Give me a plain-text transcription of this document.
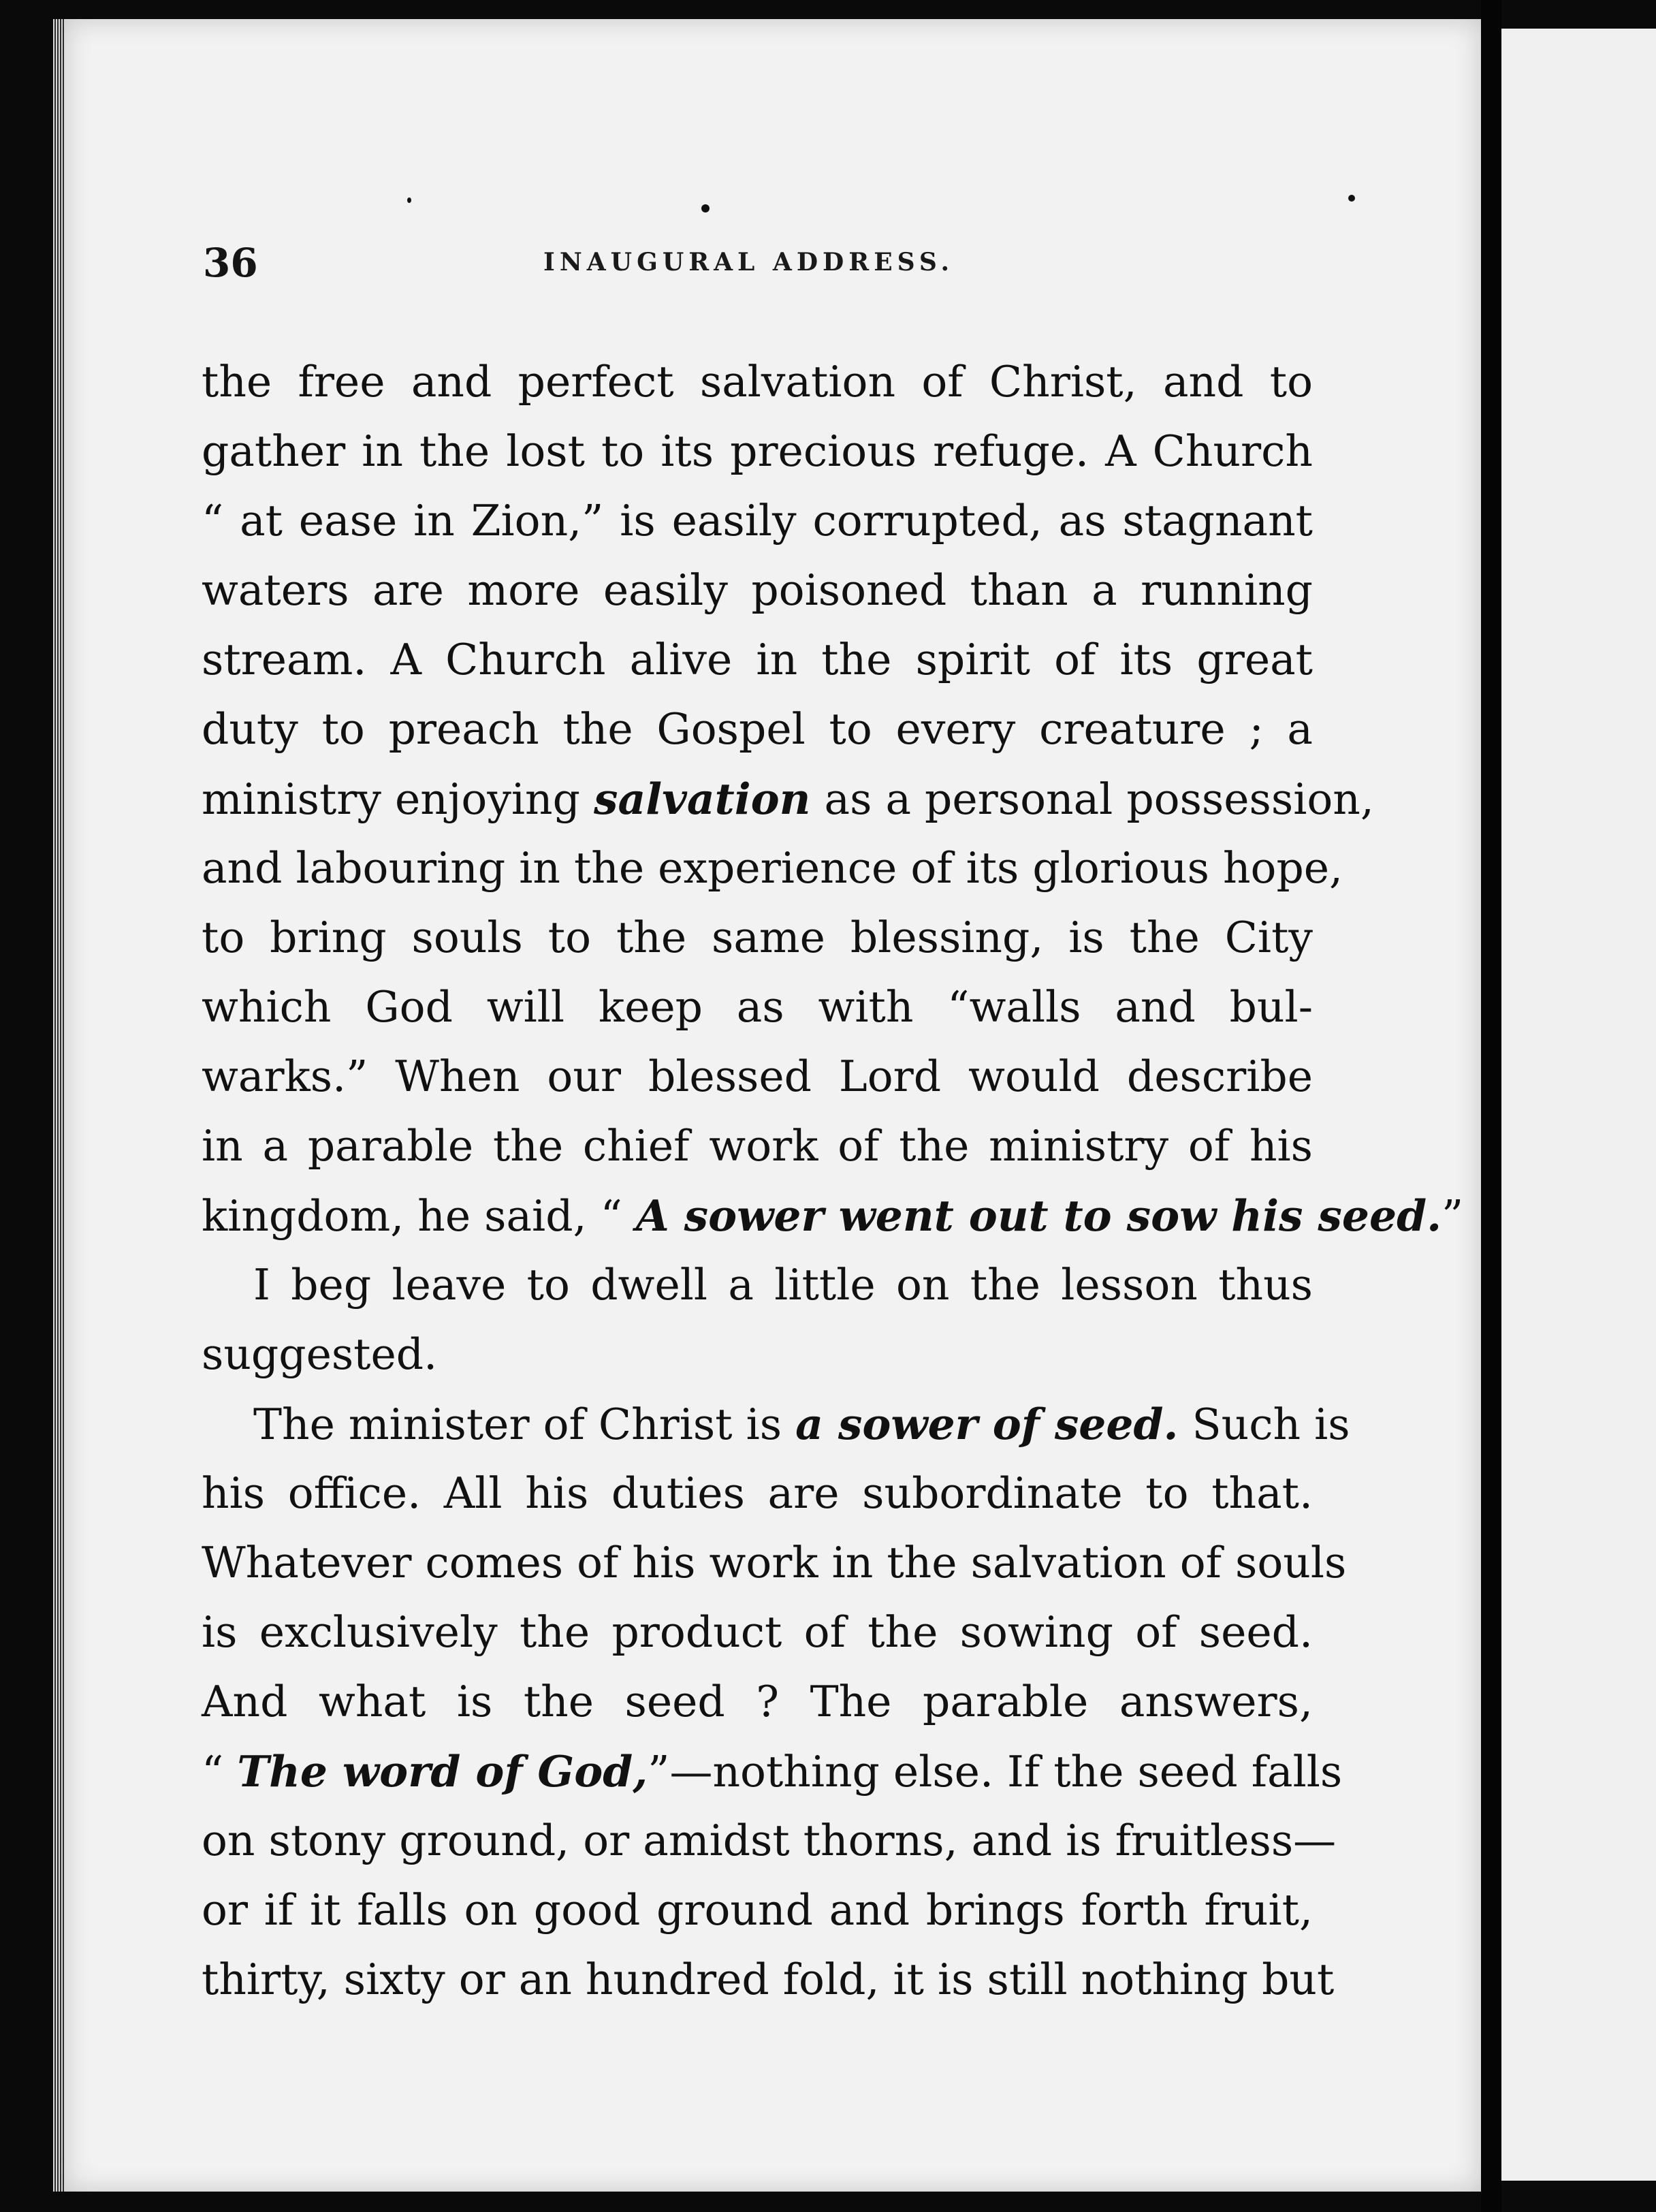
36	INAUGURAL ADDRESS.
the free and perfect salvation of Christ, and to
gather in the lost to its precious refuge. A Church
“ at ease in Zion,” is easily corrupted, as stagnant
waters are more easily poisoned than a running
stream. A Church alive in the spirit of its great
duty to preach the Gospel to every creature ; a
ministry enjoying salvation as a personal possession,
and labouring in the experience of its glorious hope,
to bring souls to the same blessing, is the City
which God will keep as with “walls and bul-
warks.” When our blessed Lord would describe
in a parable the chief work of the ministry of his
kingdom, he said, “ A sower went out to sow his seed.”
I beg leave to dwell a little on the lesson thus
suggested.
The minister of Christ is a sower of seed. Such is
his office. All his duties are subordinate to that.
Whatever comes of his work in the salvation of souls
is exclusively the product of the sowing of seed.
And what is the seed ? The parable answers,
“ The word of God,”—nothing else. If the seed falls
on stony ground, or amidst thorns, and is fruitless—
or if it falls on good ground and brings forth fruit,
thirty, sixty or an hundred fold, it is still nothing but
